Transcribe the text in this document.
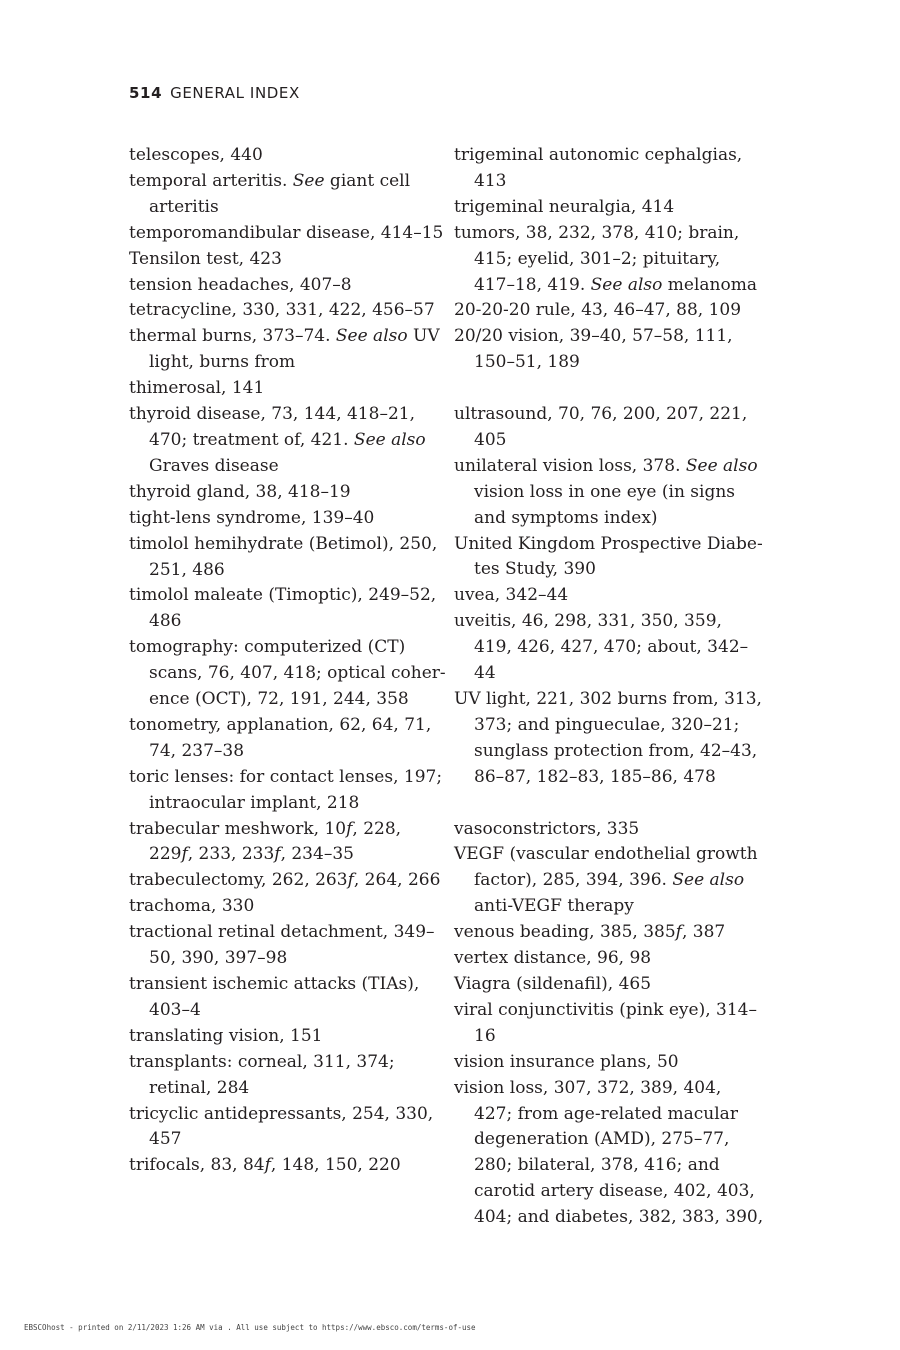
514 GENERAL INDEX

telescopes, 440

temporal arteritis. See giant cell arteritis

temporomandibular disease, 414–15

Tensilon test, 423

tension headaches, 407–8

tetracycline, 330, 331, 422, 456–57

thermal burns, 373–74. See also UV light, burns from

thimerosal, 141

thyroid disease, 73, 144, 418–21, 470; treatment of, 421. See also Graves disease

thyroid gland, 38, 418–19

tight-lens syndrome, 139–40

timolol hemihydrate (Betimol), 250, 251, 486

timolol maleate (Timoptic), 249–52, 486

tomography: computerized (CT) scans, 76, 407, 418; optical coher-ence (OCT), 72, 191, 244, 358

tonometry, applanation, 62, 64, 71, 74, 237–38

toric lenses: for contact lenses, 197; intraocular implant, 218

trabecular meshwork, 10f, 228, 229f, 233, 233f, 234–35

trabeculectomy, 262, 263f, 264, 266

trachoma, 330

tractional retinal detachment, 349–50, 390, 397–98

transient ischemic attacks (TIAs), 403–4

translating vision, 151

transplants: corneal, 311, 374; retinal, 284

tricyclic antidepressants, 254, 330, 457

trifocals, 83, 84f, 148, 150, 220

trigeminal autonomic cephalgias, 413

trigeminal neuralgia, 414

tumors, 38, 232, 378, 410; brain, 415; eyelid, 301–2; pituitary, 417–18, 419. See also melanoma

20-20-20 rule, 43, 46–47, 88, 109

20/20 vision, 39–40, 57–58, 111, 150–51, 189

ultrasound, 70, 76, 200, 207, 221, 405

unilateral vision loss, 378. See also vision loss in one eye (in signs and symptoms index)

United Kingdom Prospective Diabe-tes Study, 390

uvea, 342–44

uveitis, 46, 298, 331, 350, 359, 419, 426, 427, 470; about, 342–44

UV light, 221, 302 burns from, 313, 373; and pingueculae, 320–21; sunglass protection from, 42–43, 86–87, 182–83, 185–86, 478

vasoconstrictors, 335

VEGF (vascular endothelial growth factor), 285, 394, 396. See also anti-VEGF therapy

venous beading, 385, 385f, 387

vertex distance, 96, 98

Viagra (sildenafil), 465

viral conjunctivitis (pink eye), 314–16

vision insurance plans, 50

vision loss, 307, 372, 389, 404, 427; from age-related macular degeneration (AMD), 275–77, 280; bilateral, 378, 416; and carotid artery disease, 402, 403, 404; and diabetes, 382, 383, 390,

EBSCOhost - printed on 2/11/2023 1:26 AM via . All use subject to https://www.ebsco.com/terms-of-use
